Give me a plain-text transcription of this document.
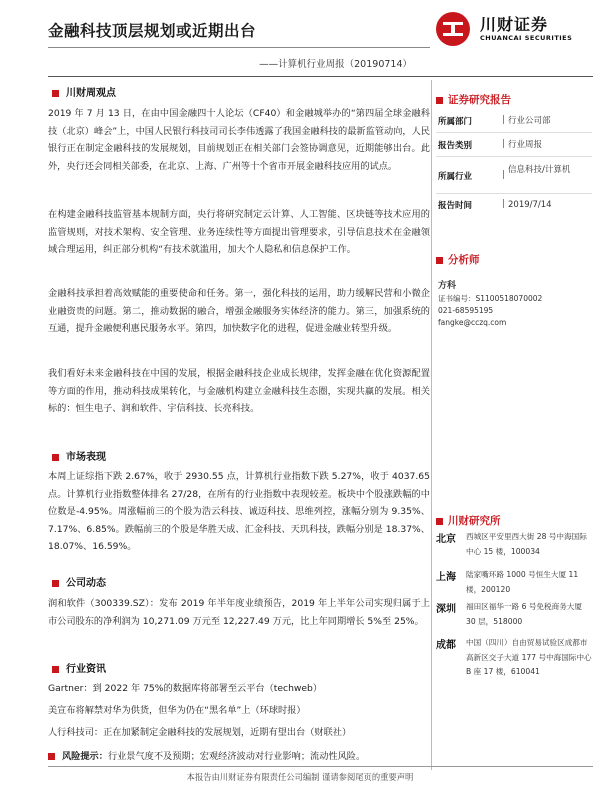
金融科技顶层规划或近期出台
——计算机行业周报（20190714）
川财证券
CHUANCAI SECURITIES
川财周观点
2019 年 7 月 13 日，在由中国金融四十人论坛（CF40）和金融城举办的“第四届全球金融科技（北京）峰会”上，中国人民银行科技司司长李伟透露了我国金融科技的最新监管动向，人民银行正在制定金融科技的发展规划，目前规划正在相关部门会签协调意见，近期能够出台。此外，央行还会同相关部委，在北京、上海、广州等十个省市开展金融科技应用的试点。
在构建金融科技监管基本规制方面，央行将研究制定云计算、人工智能、区块链等技术应用的监管规则，对技术架构、安全管理、业务连续性等方面提出管理要求，引导信息技术在金融领域合理运用，纠正部分机构“有技术就滥用，加大个人隐私和信息保护工作。
金融科技承担着高效赋能的重要使命和任务。第一，强化科技的运用，助力缓解民营和小微企业融资贵的问题。第二，推动数据的融合，增强金融服务实体经济的能力。第三，加强系统的互通，提升金融便利惠民服务水平。第四，加快数字化的进程，促进金融业转型升级。
我们看好未来金融科技在中国的发展，根据金融科技企业成长规律，发挥金融在优化资源配置等方面的作用，推动科技成果转化，与金融机构建立金融科技生态圈，实现共赢的发展。相关标的：恒生电子、润和软件、宇信科技、长亮科技。
市场表现
本周上证综指下跌 2.67%，收于 2930.55 点，计算机行业指数下跌 5.27%，收于 4037.65 点。计算机行业指数整体排名 27/28，在所有的行业指数中表现较差。板块中个股涨跌幅的中位数是-4.95%。周涨幅前三的个股为浩云科技、诚迈科技、思维列控，涨幅分别为 9.35%、7.17%、6.85%。跌幅前三的个股是华胜天成、汇金科技、天玑科技，跌幅分别是 18.37%、18.07%、16.59%。
公司动态
润和软件（300339.SZ）：发布 2019 年半年度业绩预告，2019 年上半年公司实现归属于上市公司股东的净利润为 10,271.09 万元至 12,227.49 万元，比上年同期增长 5%至 25%。
行业资讯
Gartner：到 2022 年 75%的数据库将部署至云平台（techweb）
美宣布将解禁对华为供货，但华为仍在“黑名单”上（环球时报）
人行科技司：正在加紧制定金融科技的发展规划，近期有望出台（财联社）
风险提示：行业景气度不及预期；宏观经济波动对行业影响；流动性风险。
证券研究报告
所属部门	| 行业公司部
报告类别	| 行业周报
所属行业	| 信息科技/计算机
报告时间	| 2019/7/14
分析师
方科
证书编号：S1100518070002
021-68595195
fangke@cczq.com
川财研究所
北京 西城区平安里西大街 28 号中海国际中心 15 楼，100034
上海 陆家嘴环路 1000 号恒生大厦 11 楼，200120
深圳 福田区福华一路 6 号免税商务大厦 30 层，518000
成都 中国（四川）自由贸易试验区成都市高新区交子大道 177 号中海国际中心 B 座 17 楼，610041
本报告由川财证券有限责任公司编制 谨请参阅尾页的重要声明
